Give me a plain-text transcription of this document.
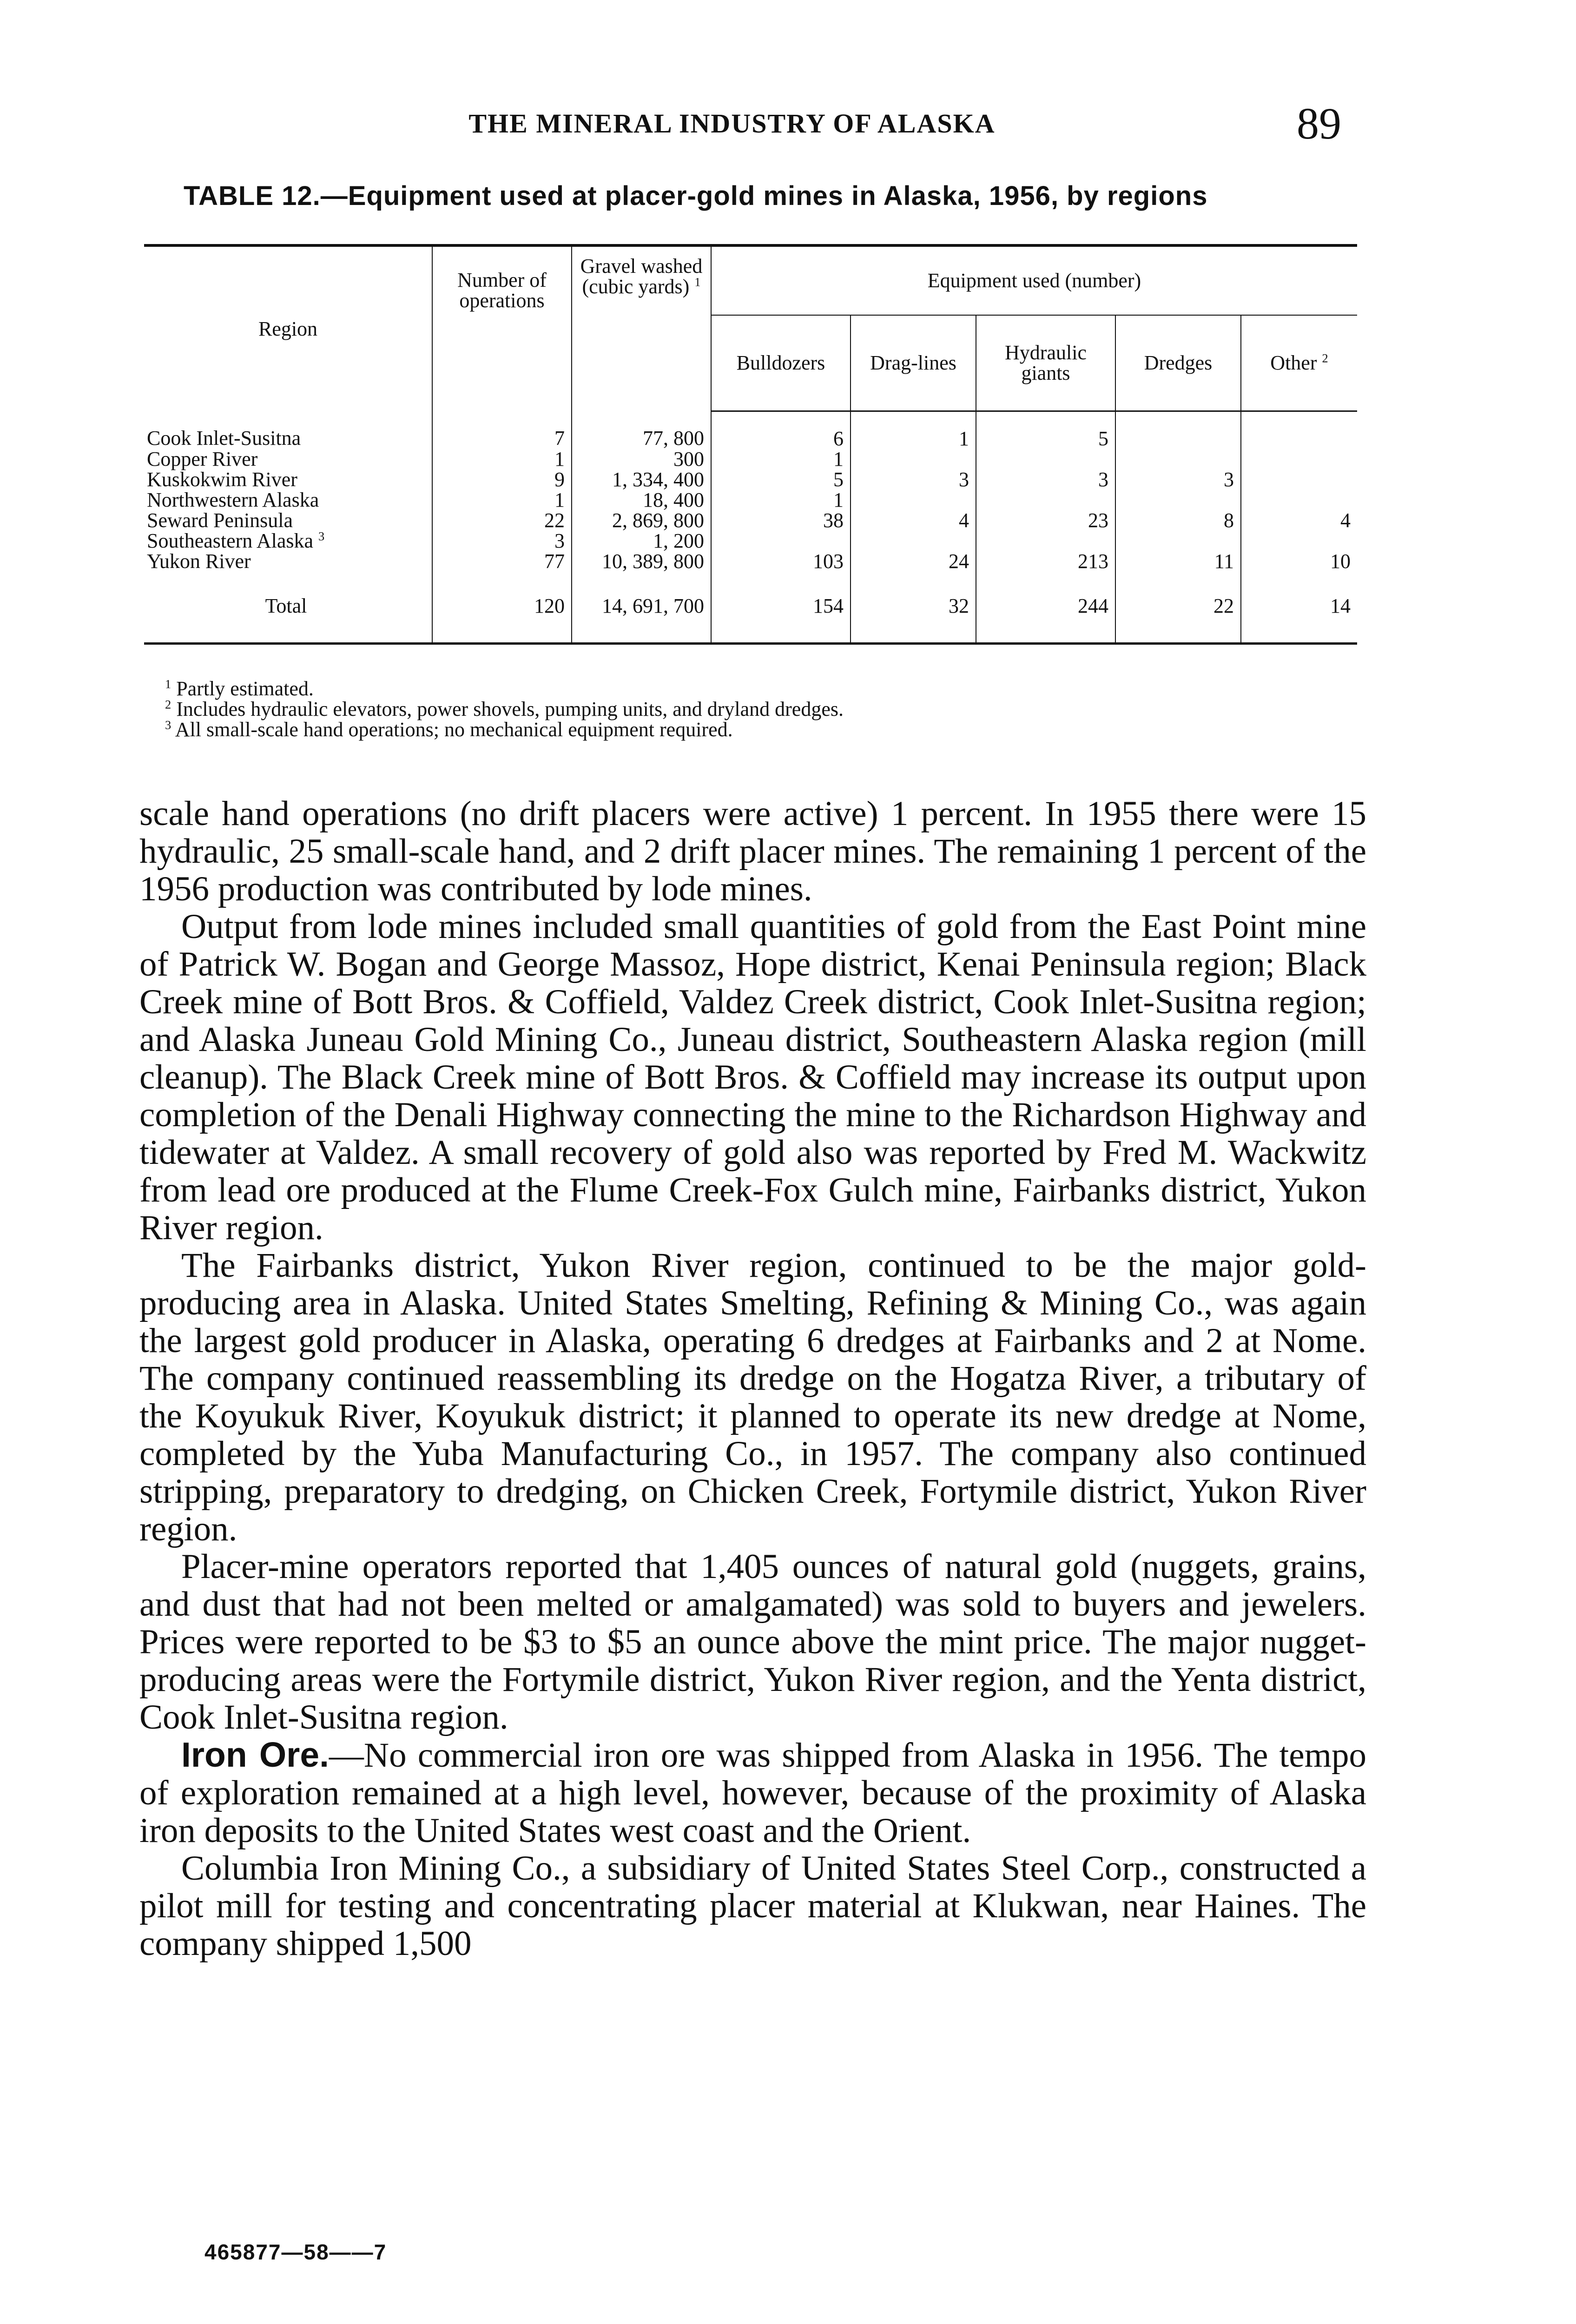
THE MINERAL INDUSTRY OF ALASKA	89
TABLE 12.—Equipment used at placer-gold mines in Alaska, 1956, by regions
Region	Number of operations	Gravel washed (cubic yards) $^1$	Equipment used (number)				
			Bulldozers	Drag-lines	Hydraulic giants	Dredges	Other $^2$
Cook Inlet-Susitna	7	77, 800	6	1	5		
Copper River	1	300	1				
Kuskokwim River	9	1, 334, 400	5	3	3	3	
Northwestern Alaska	1	18, 400	1				
Seward Peninsula	22	2, 869, 800	38	4	23	8	4
Southeastern Alaska $^3$	3	1, 200					
Yukon River	77	10, 389, 800	103	24	213	11	10
Total	120	14, 691, 700	154	32	244	22	14

$^1$ Partly estimated.

$^2$ Includes hydraulic elevators, power shovels, pumping units, and dryland dredges.

$^3$ All small-scale hand operations; no mechanical equipment required.

scale hand operations (no drift placers were active) 1 percent. In 1955 there were 15 hydraulic, 25 small-scale hand, and 2 drift placer mines. The remaining 1 percent of the 1956 production was contributed by lode mines.

Output from lode mines included small quantities of gold from the East Point mine of Patrick W. Bogan and George Massoz, Hope district, Kenai Peninsula region; Black Creek mine of Bott Bros. & Coffield, Valdez Creek district, Cook Inlet-Susitna region; and Alaska Juneau Gold Mining Co., Juneau district, Southeastern Alaska region (mill cleanup). The Black Creek mine of Bott Bros. & Coffield may increase its output upon completion of the Denali Highway connecting the mine to the Richardson Highway and tidewater at Valdez. A small recovery of gold also was reported by Fred M. Wackwitz from lead ore produced at the Flume Creek-Fox Gulch mine, Fairbanks district, Yukon River region.

The Fairbanks district, Yukon River region, continued to be the major gold-producing area in Alaska. United States Smelting, Refining & Mining Co., was again the largest gold producer in Alaska, operating 6 dredges at Fairbanks and 2 at Nome. The company continued reassembling its dredge on the Hogatza River, a tributary of the Koyukuk River, Koyukuk district; it planned to operate its new dredge at Nome, completed by the Yuba Manufacturing Co., in 1957. The company also continued stripping, preparatory to dredging, on Chicken Creek, Fortymile district, Yukon River region.

Placer-mine operators reported that 1,405 ounces of natural gold (nuggets, grains, and dust that had not been melted or amalgamated) was sold to buyers and jewelers. Prices were reported to be $3 to $5 an ounce above the mint price. The major nugget-producing areas were the Fortymile district, Yukon River region, and the Yenta district, Cook Inlet-Susitna region.

Iron Ore.—No commercial iron ore was shipped from Alaska in 1956. The tempo of exploration remained at a high level, however, because of the proximity of Alaska iron deposits to the United States west coast and the Orient.

Columbia Iron Mining Co., a subsidiary of United States Steel Corp., constructed a pilot mill for testing and concentrating placer material at Klukwan, near Haines. The company shipped 1,500

465877—58——7
